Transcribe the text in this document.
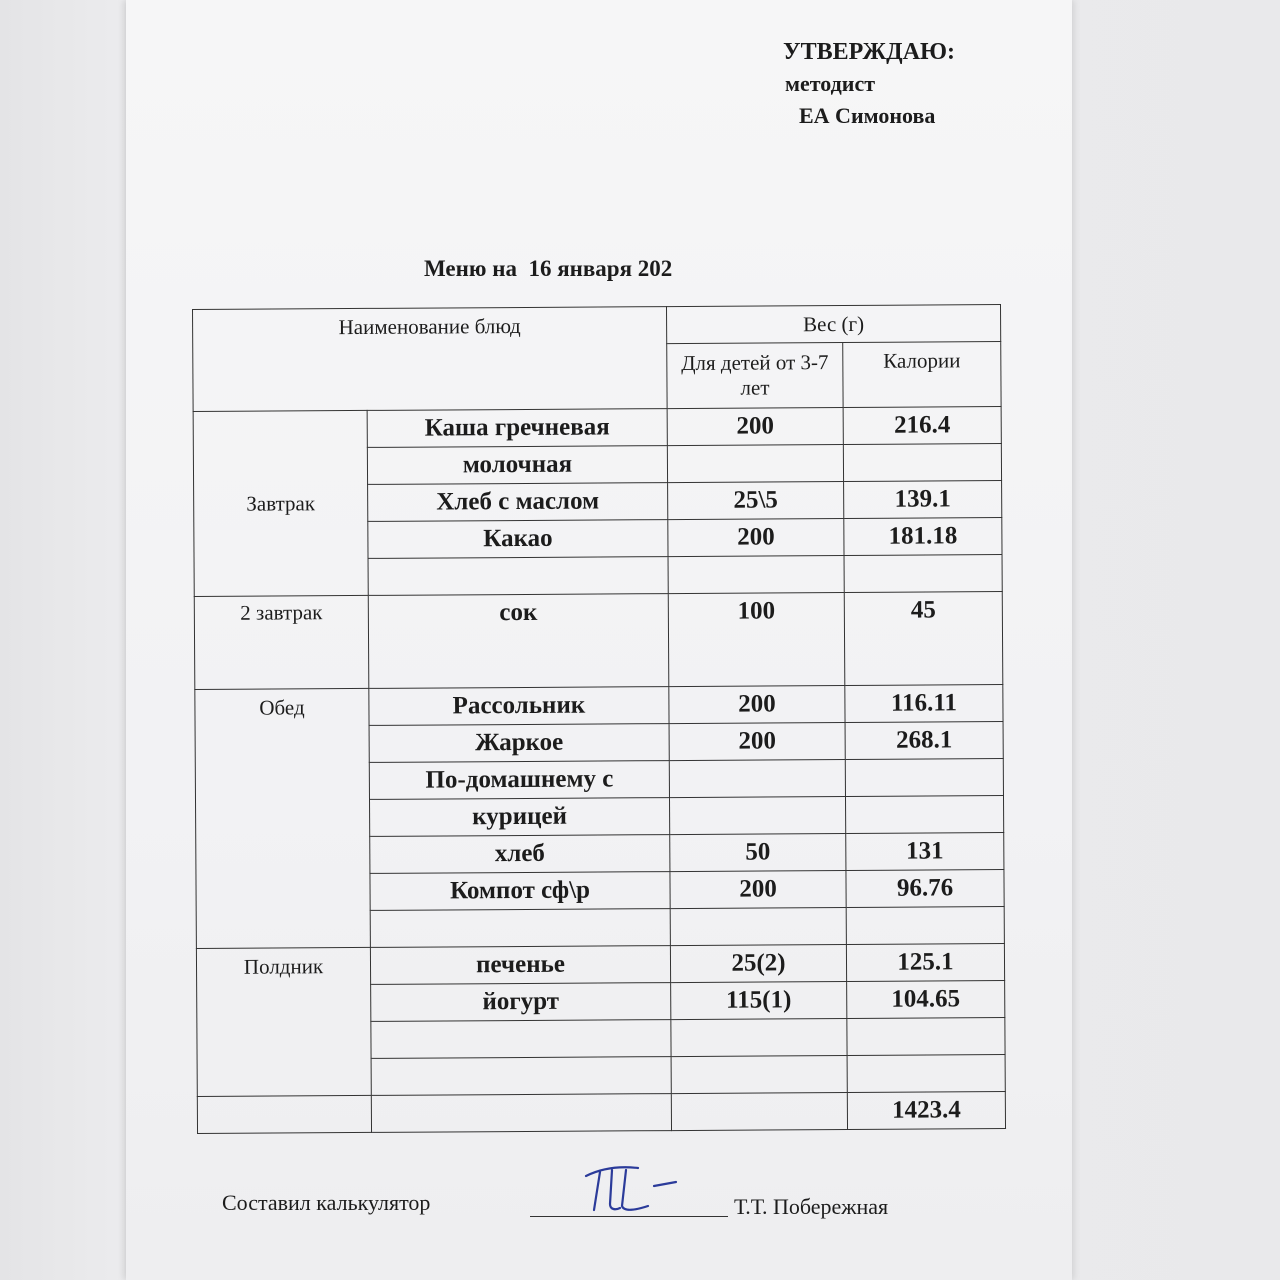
УТВЕРЖДАЮ:
методист
ЕА Симонова
Меню на  16 января 202
Наименование блюд		Вес (г)	
		Для детей от 3-7 лет	Калории
Завтрак	Каша гречневая	200	216.4
	молочная		
	Хлеб с маслом	25\5	139.1
	Какао	200	181.18

2 завтрак	сок	100	45
Обед	Рассольник	200	116.11
	Жаркое	200	268.1
	По-домашнему с		
	курицей		
	хлеб	50	131
	Компот сф\р	200	96.76

Полдник	печенье	25(2)	125.1
	йогурт	115(1)	104.65

			1423.4
Составил калькулятор	Т.Т. Побережная
